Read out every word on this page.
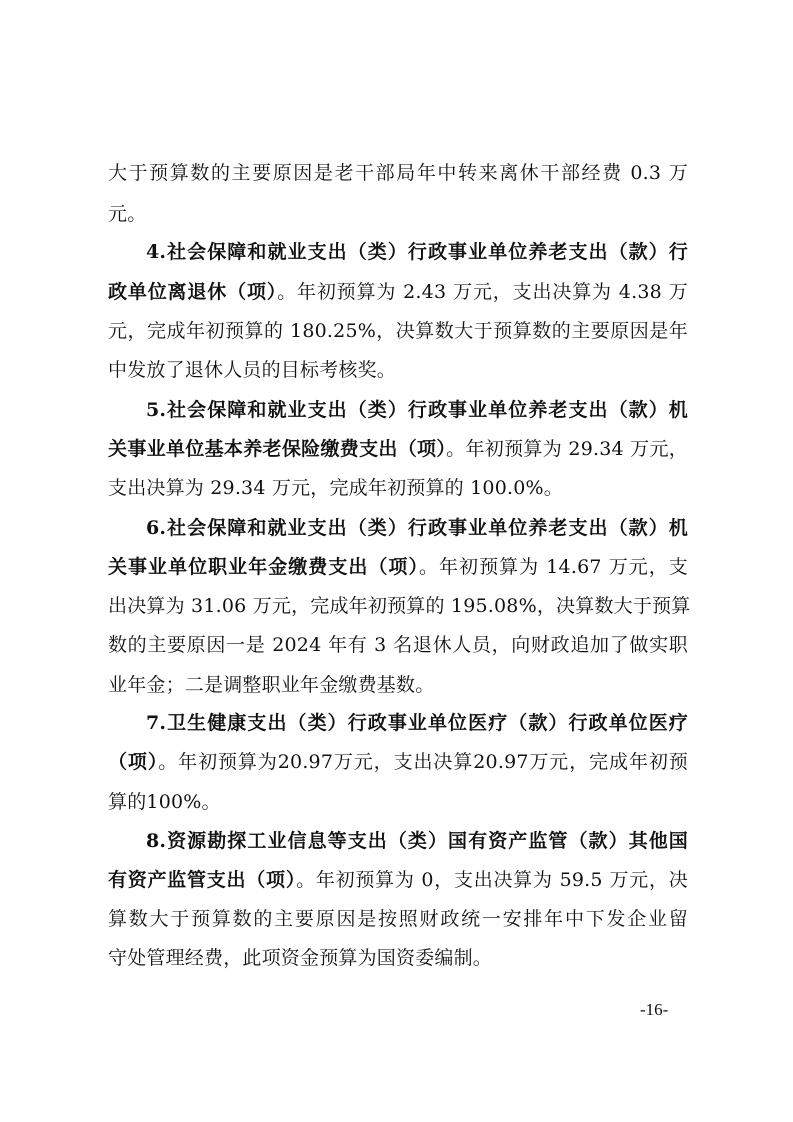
大于预算数的主要原因是老干部局年中转来离休干部经费 0.3 万
元。
4.社会保障和就业支出（类）行政事业单位养老支出（款）行
政单位离退休（项）。年初预算为 2.43 万元，支出决算为 4.38 万
元，完成年初预算的 180.25%，决算数大于预算数的主要原因是年
中发放了退休人员的目标考核奖。
5.社会保障和就业支出（类）行政事业单位养老支出（款）机
关事业单位基本养老保险缴费支出（项）。年初预算为 29.34 万元，
支出决算为 29.34 万元，完成年初预算的 100.0%。
6.社会保障和就业支出（类）行政事业单位养老支出（款）机
关事业单位职业年金缴费支出（项）。年初预算为 14.67 万元，支
出决算为 31.06 万元，完成年初预算的 195.08%，决算数大于预算
数的主要原因一是 2024 年有 3 名退休人员，向财政追加了做实职
业年金；二是调整职业年金缴费基数。
7.卫生健康支出（类）行政事业单位医疗（款）行政单位医疗
（项）。年初预算为20.97万元，支出决算20.97万元，完成年初预
算的100%。
8.资源勘探工业信息等支出（类）国有资产监管（款）其他国
有资产监管支出（项）。年初预算为 0，支出决算为 59.5 万元，决
算数大于预算数的主要原因是按照财政统一安排年中下发企业留
守处管理经费，此项资金预算为国资委编制。
-16-
